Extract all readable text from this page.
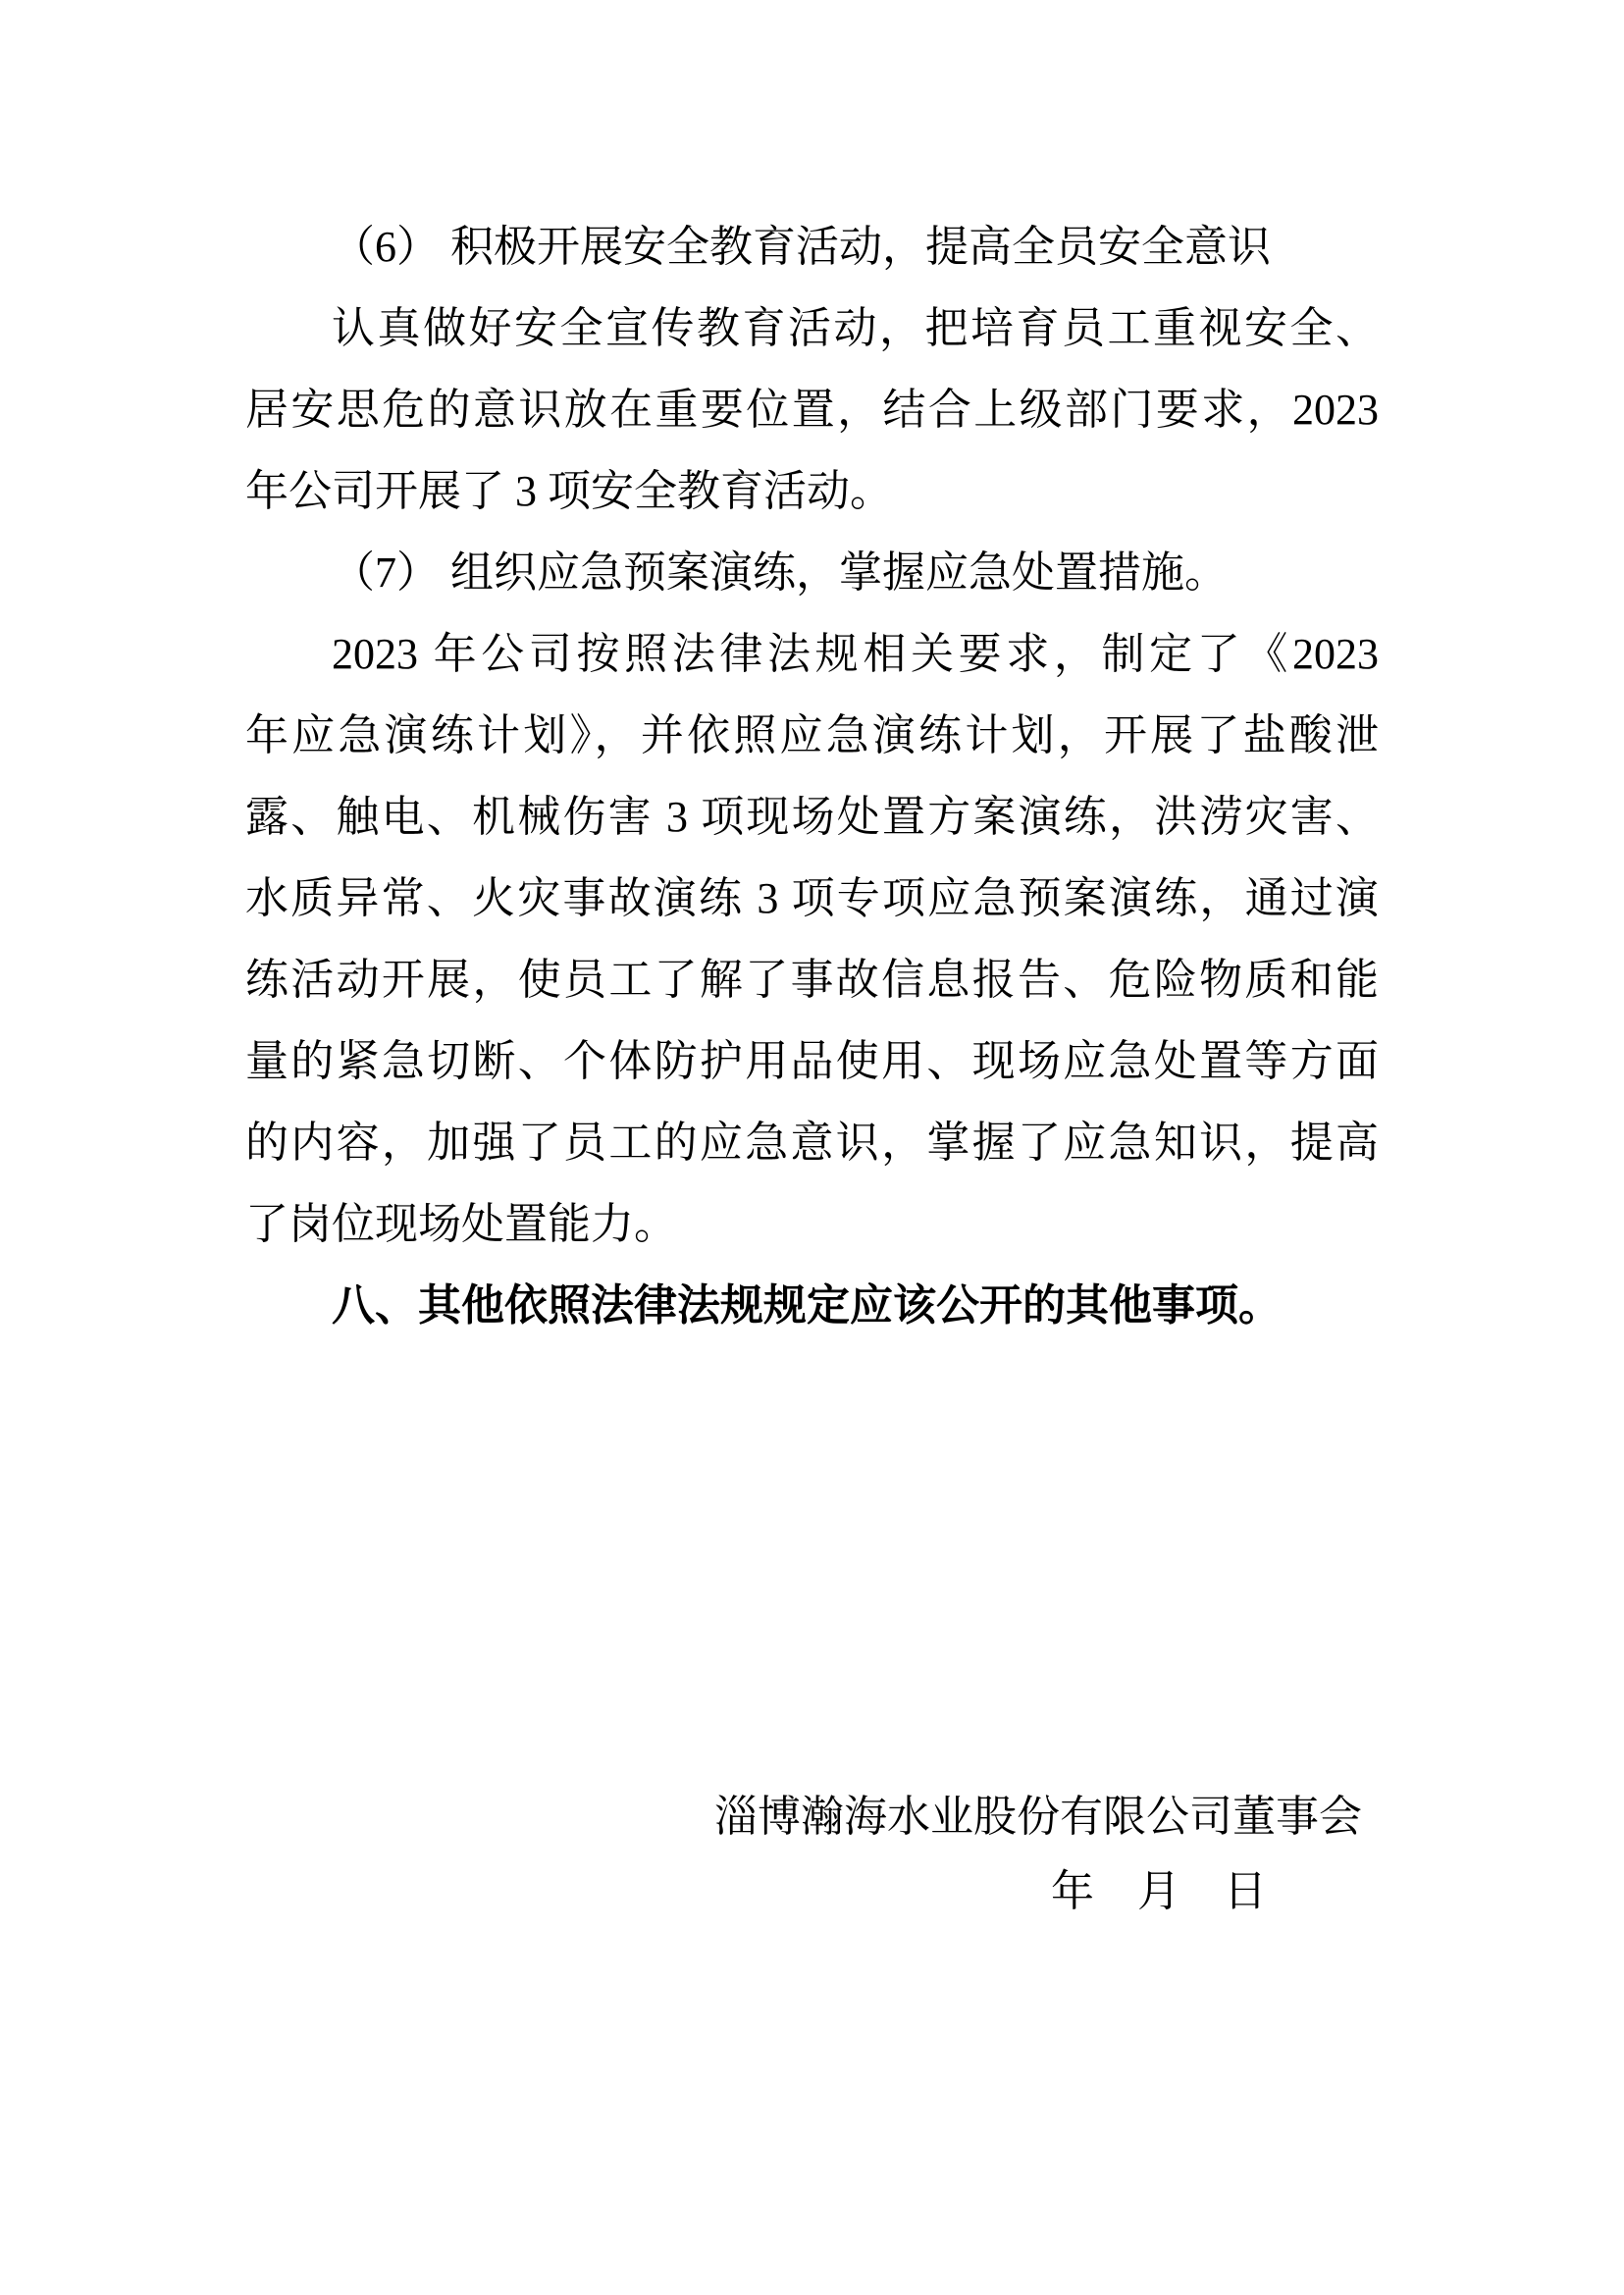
（6） 积极开展安全教育活动，提高全员安全意识
认真做好安全宣传教育活动，把培育员工重视安全、
居安思危的意识放在重要位置，结合上级部门要求，2023
年公司开展了 3 项安全教育活动。
（7） 组织应急预案演练，掌握应急处置措施。
2023 年公司按照法律法规相关要求，制定了《2023
年应急演练计划》，并依照应急演练计划，开展了盐酸泄
露、触电、机械伤害 3 项现场处置方案演练，洪涝灾害、
水质异常、火灾事故演练 3 项专项应急预案演练，通过演
练活动开展，使员工了解了事故信息报告、危险物质和能
量的紧急切断、个体防护用品使用、现场应急处置等方面
的内容，加强了员工的应急意识，掌握了应急知识，提高
了岗位现场处置能力。
八、其他依照法律法规规定应该公开的其他事项。
淄博瀚海水业股份有限公司董事会
年　月　日
